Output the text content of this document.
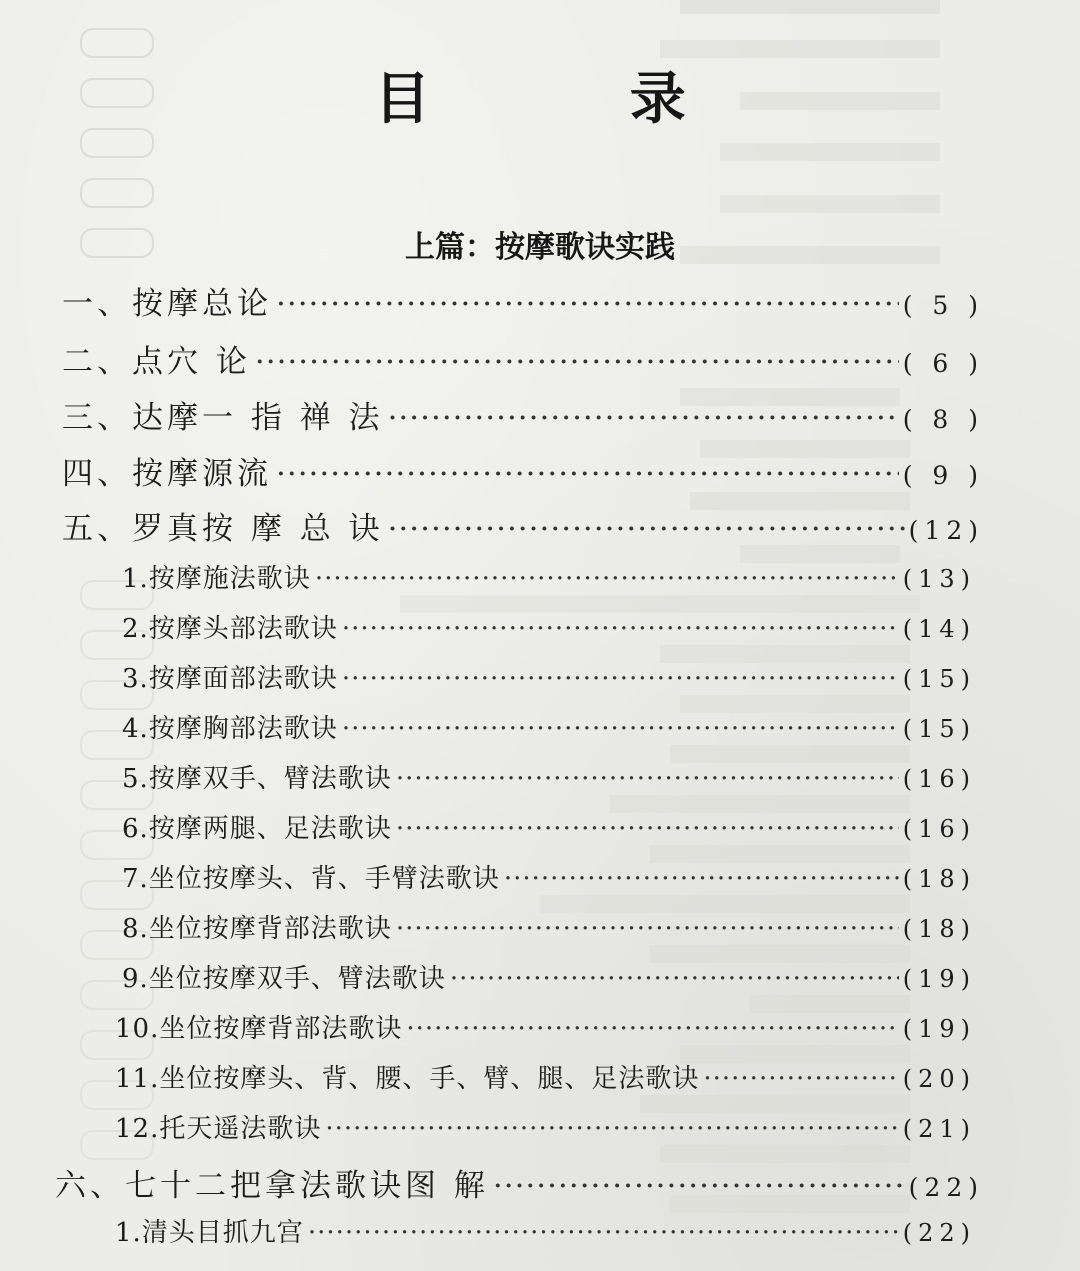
目 录
上篇：按摩歌诀实践
一、按摩总论 ·····	( 5 )
二、点穴 论 ·····	( 6 )
三、达摩一 指 禅 法 ·····	( 8 )
四、按摩源流 ·····	( 9 )
五、罗真按 摩 总 诀 ·····	(12)
1.按摩施法歌诀 ·····	(13)
2.按摩头部法歌诀 ·····	(14)
3.按摩面部法歌诀 ·····	(15)
4.按摩胸部法歌诀 ·····	(15)
5.按摩双手、臂法歌诀 ·····	(16)
6.按摩两腿、足法歌诀 ·····	(16)
7.坐位按摩头、背、手臂法歌诀 ·····	(18)
8.坐位按摩背部法歌诀 ·····	(18)
9.坐位按摩双手、臂法歌诀 ·····	(19)
10.坐位按摩背部法歌诀 ·····	(19)
11.坐位按摩头、背、腰、手、臂、腿、足法歌诀 ·····	(20)
12.托天遥法歌诀 ·····	(21)
六、七十二把拿法歌诀图 解 ·····	(22)
1.清头目抓九宫 ·····	(22)
